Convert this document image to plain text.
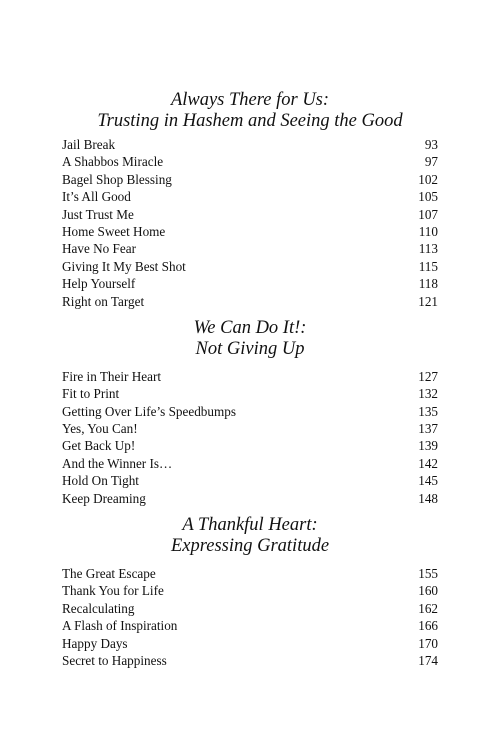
Always There for Us:
Trusting in Hashem and Seeing the Good
Jail Break	93
A Shabbos Miracle	97
Bagel Shop Blessing	102
It’s All Good	105
Just Trust Me	107
Home Sweet Home	110
Have No Fear	113
Giving It My Best Shot	115
Help Yourself	118
Right on Target	121
We Can Do It!:
Not Giving Up
Fire in Their Heart	127
Fit to Print	132
Getting Over Life’s Speedbumps	135
Yes, You Can!	137
Get Back Up!	139
And the Winner Is…	142
Hold On Tight	145
Keep Dreaming	148
A Thankful Heart:
Expressing Gratitude
The Great Escape	155
Thank You for Life	160
Recalculating	162
A Flash of Inspiration	166
Happy Days	170
Secret to Happiness	174
